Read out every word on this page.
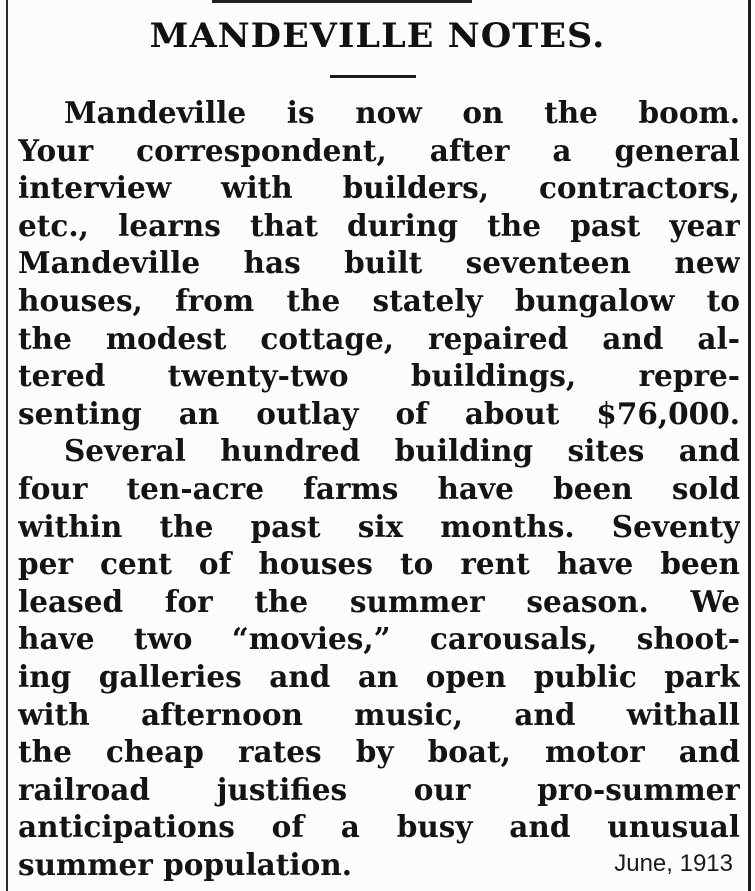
MANDEVILLE NOTES.
Mandeville is now on the boom.
Your correspondent, after a general
interview with builders, contractors,
etc., learns that during the past year
Mandeville has built seventeen new
houses, from the stately bungalow to
the modest cottage, repaired and al-
tered twenty-two buildings, repre-
senting an outlay of about $76,000.
Several hundred building sites and
four ten-acre farms have been sold
within the past six months. Seventy
per cent of houses to rent have been
leased for the summer season. We
have two “movies,” carousals, shoot-
ing galleries and an open public park
with afternoon music, and withall
the cheap rates by boat, motor and
railroad justifies our pro-summer
anticipations of a busy and unusual
summer population.	June, 1913
